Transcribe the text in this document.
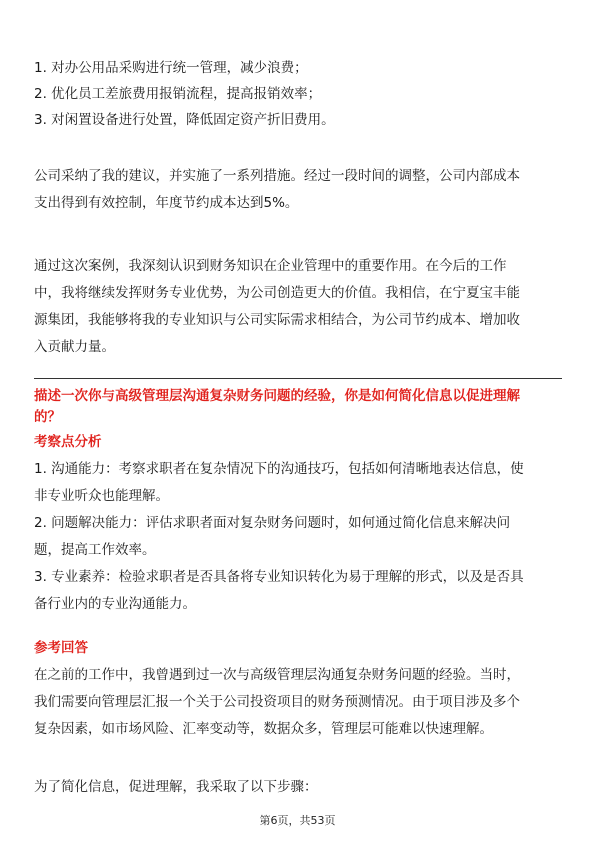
1. 对办公用品采购进行统一管理，减少浪费；
2. 优化员工差旅费用报销流程，提高报销效率；
3. 对闲置设备进行处置，降低固定资产折旧费用。
公司采纳了我的建议，并实施了一系列措施。经过一段时间的调整，公司内部成本
支出得到有效控制，年度节约成本达到5%。
通过这次案例，我深刻认识到财务知识在企业管理中的重要作用。在今后的工作
中，我将继续发挥财务专业优势，为公司创造更大的价值。我相信，在宁夏宝丰能
源集团，我能够将我的专业知识与公司实际需求相结合，为公司节约成本、增加收
入贡献力量。
描述一次你与高级管理层沟通复杂财务问题的经验，你是如何简化信息以促进理解
的？
考察点分析
1. 沟通能力：考察求职者在复杂情况下的沟通技巧，包括如何清晰地表达信息，使
非专业听众也能理解。
2. 问题解决能力：评估求职者面对复杂财务问题时，如何通过简化信息来解决问
题，提高工作效率。
3. 专业素养：检验求职者是否具备将专业知识转化为易于理解的形式，以及是否具
备行业内的专业沟通能力。
参考回答
在之前的工作中，我曾遇到过一次与高级管理层沟通复杂财务问题的经验。当时，
我们需要向管理层汇报一个关于公司投资项目的财务预测情况。由于项目涉及多个
复杂因素，如市场风险、汇率变动等，数据众多，管理层可能难以快速理解。
为了简化信息，促进理解，我采取了以下步骤：
第6页，共53页
